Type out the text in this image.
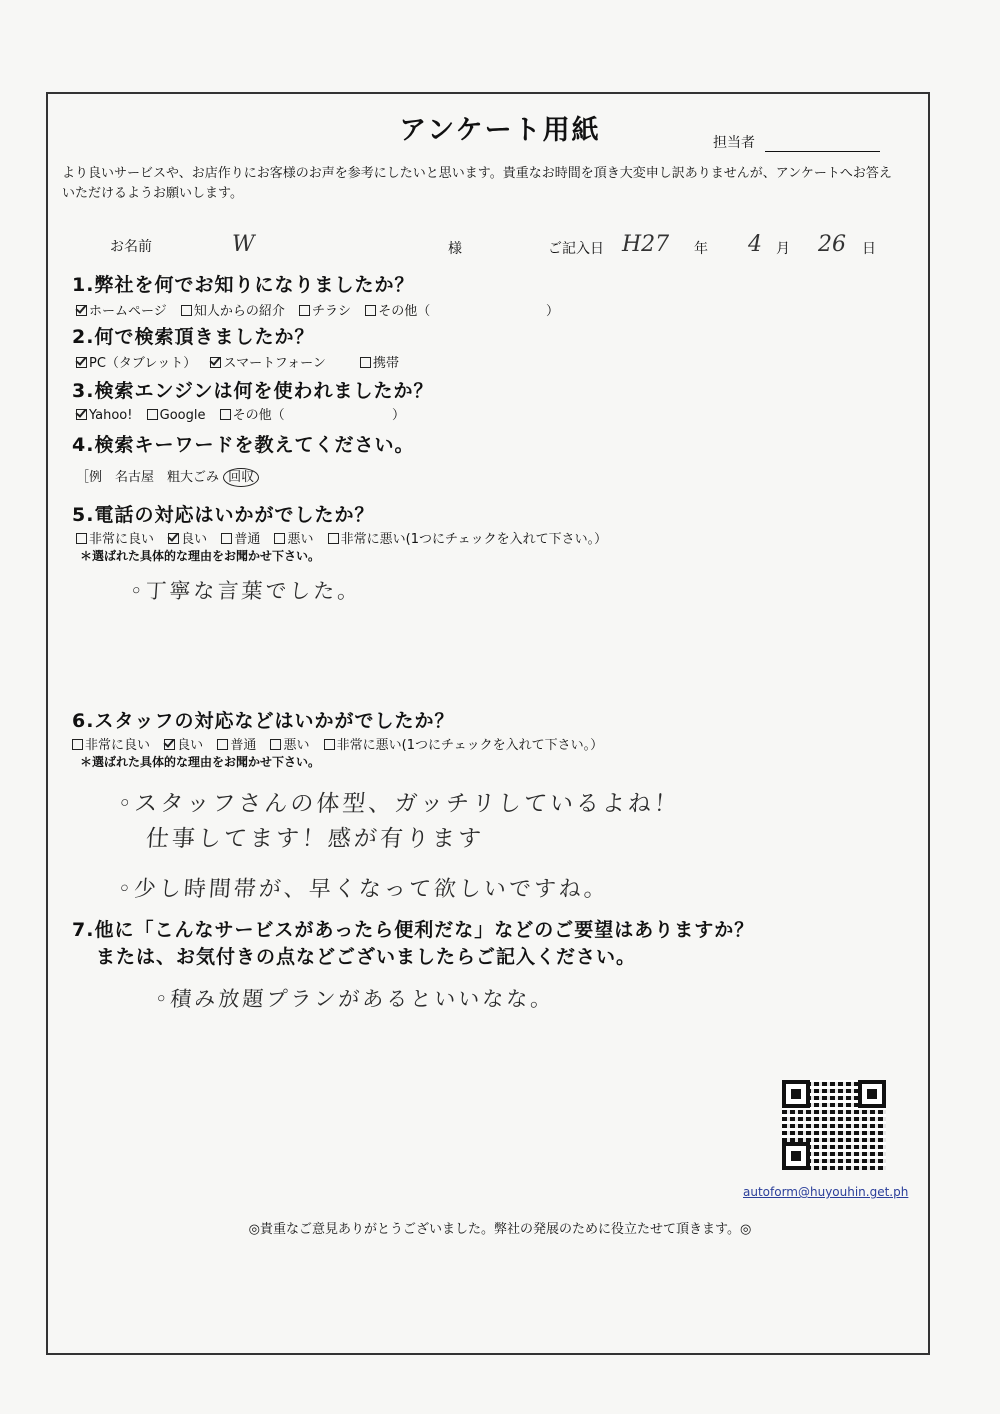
アンケート用紙	担当者
より良いサービスや、お店作りにお客様のお声を参考にしたいと思います。貴重なお時間を頂き大変申し訳ありませんが、アンケートへお答えいただけるようお願いします。
お名前	W	様	ご記入日 H27 年 4 月 26 日
1.弊社を何でお知りになりましたか？
ホームページ 知人からの紹介 チラシ その他（	）
2.何で検索頂きましたか？
PC（タブレット） スマートフォーン	携帯
3.検索エンジンは何を使われましたか？
Yahoo! Google その他（	）
4.検索キーワードを教えてください。
［例　名古屋　粗大ごみ 回収
5.電話の対応はいかがでしたか？
非常に良い 良い 普通 悪い 非常に悪い(1つにチェックを入れて下さい。）
＊選ばれた具体的な理由をお聞かせ下さい。
◦丁寧な言葉でした。
6.スタッフの対応などはいかがでしたか？
非常に良い 良い 普通 悪い 非常に悪い(1つにチェックを入れて下さい。）
＊選ばれた具体的な理由をお聞かせ下さい。
◦スタッフさんの体型、ガッチリしているよね！
仕事してます！感が有ります
◦少し時間帯が、早くなって欲しいですね。
7.他に「こんなサービスがあったら便利だな」などのご要望はありますか？
または、お気付きの点などございましたらご記入ください。
◦積み放題プランがあるといいなな。
autoform@huyouhin.get.ph
◎貴重なご意見ありがとうございました。弊社の発展のために役立たせて頂きます。◎
